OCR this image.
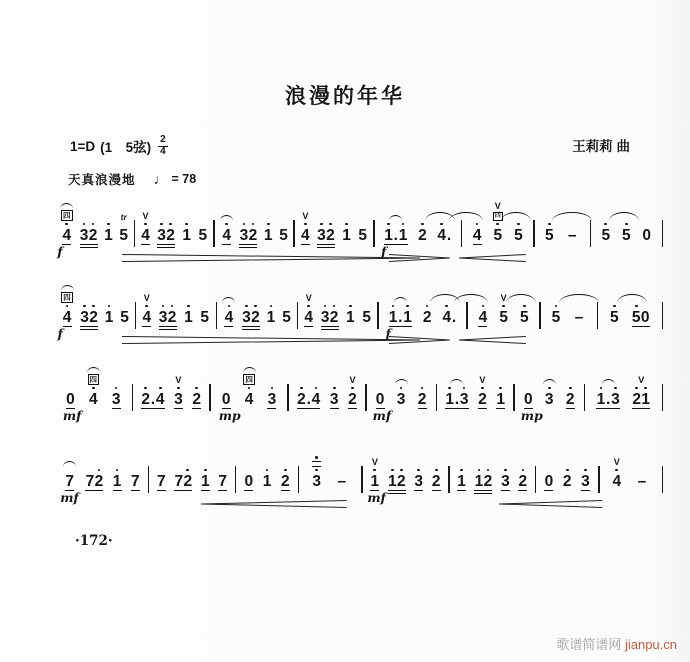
浪漫的年华
1=D (1　5弦) $\frac{2}{4}$	王莉莉 曲
天真浪漫地 ♩ = 78
四
4
f
3 2 1
tr
5
V
4 3 2 1 5 4 3 2 1 5
V
4 3 2 1 5 1 . 1
f
2 4 . 4
V
四
5 5 5 – 5 5 0
四
4
f
3 2 1 5
V
4 3 2 1 5 4 3 2 1 5
V
4 3 2 1 5 1 . 1
f
2 4 . 4
V
5 5 5 – 5 5 0
0
mf
四
4 3 2 . 4
V
3 2 0
mp
四
4 3 2 . 4 3
V
2 0
mf
3 2 1 . 3
V
2 1 0
mp
3 2 1 . 3
V
2 1
7
mf
7 2 1 7 7 7 2 1 7 0 1 2 3 –
V
1
mf
1 2 3 2 1 1 2 3 2 0 2 3
V
4 –
·172·
歌谱简谱网 jianpu.cn
